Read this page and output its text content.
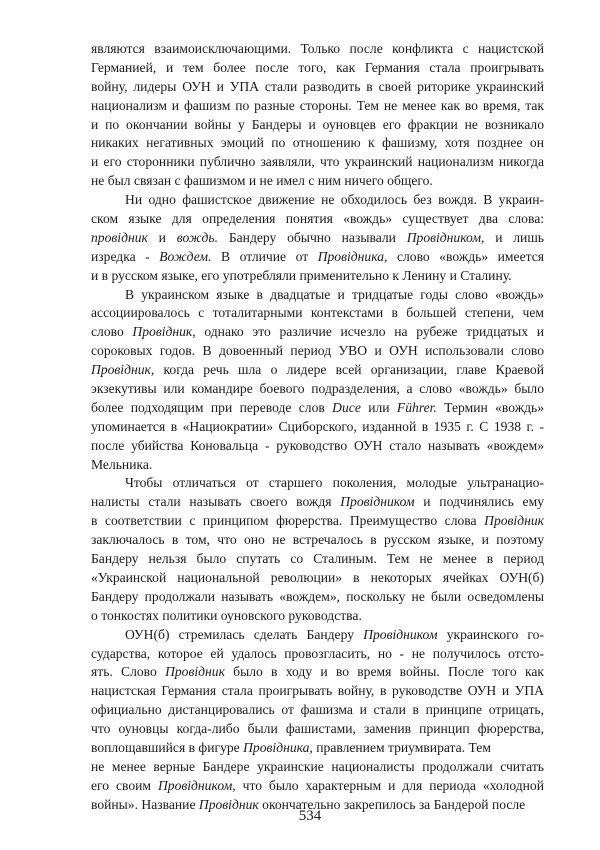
являются взаимоисключающими. Только после конфликта с нацистской
Германией, и тем более после того, как Германия стала проигрывать
войну, лидеры ОУН и УПА стали разводить в своей риторике украинский
национализм и фашизм по разные стороны. Тем не менее как во время, так
и по окончании войны у Бандеры и оуновцев его фракции не возникало
никаких негативных эмоций по отношению к фашизму, хотя позднее он
и его сторонники публично заявляли, что украинский национализм никогда
не был связан с фашизмом и не имел с ним ничего общего.
Ни одно фашистское движение не обходилось без вождя. В украин-
ском языке для определения понятия «вождь» существует два слова:
провідник и вождь. Бандеру обычно называли Провідником, и лишь
изредка - Вождем. В отличие от Провідника, слово «вождь» имеется
и в русском языке, его употребляли применительно к Ленину и Сталину.
В украинском языке в двадцатые и тридцатые годы слово «вождь»
ассоциировалось с тоталитарными контекстами в большей степени, чем
слово Провідник, однако это различие исчезло на рубеже тридцатых и
сороковых годов. В довоенный период УВО и ОУН использовали слово
Провідник, когда речь шла о лидере всей организации, главе Краевой
экзекутивы или командире боевого подразделения, а слово «вождь» было
более подходящим при переводе слов Duce или Führer. Термин «вождь»
упоминается в «Нациократии» Сциборского, изданной в 1935 г. С 1938 г. -
после убийства Коновальца - руководство ОУН стало называть «вождем»
Мельника.
Чтобы отличаться от старшего поколения, молодые ультранацио-
налисты стали называть своего вождя Провідником и подчинялись ему
в соответствии с принципом фюрерства. Преимущество слова Провідник
заключалось в том, что оно не встречалось в русском языке, и поэтому
Бандеру нельзя было спутать со Сталиным. Тем не менее в период
«Украинской национальной революции» в некоторых ячейках ОУН(б)
Бандеру продолжали называть «вождем», поскольку не были осведомлены
о тонкостях политики оуновского руководства.
ОУН(б) стремилась сделать Бандеру Провідником украинского го-
сударства, которое ей удалось провозгласить, но - не получилось отсто-
ять. Слово Провідник было в ходу и во время войны. После того как
нацистская Германия стала проигрывать войну, в руководстве ОУН и УПА
официально дистанцировались от фашизма и стали в принципе отрицать,
что оуновцы когда-либо были фашистами, заменив принцип фюрерства,
воплощавшийся в фигуре Провідника, правлением триумвирата. Тем
не менее верные Бандере украинские националисты продолжали считать
его своим Провідником, что было характерным и для периода «холодной
войны». Название Провідник окончательно закрепилось за Бандерой после
534
